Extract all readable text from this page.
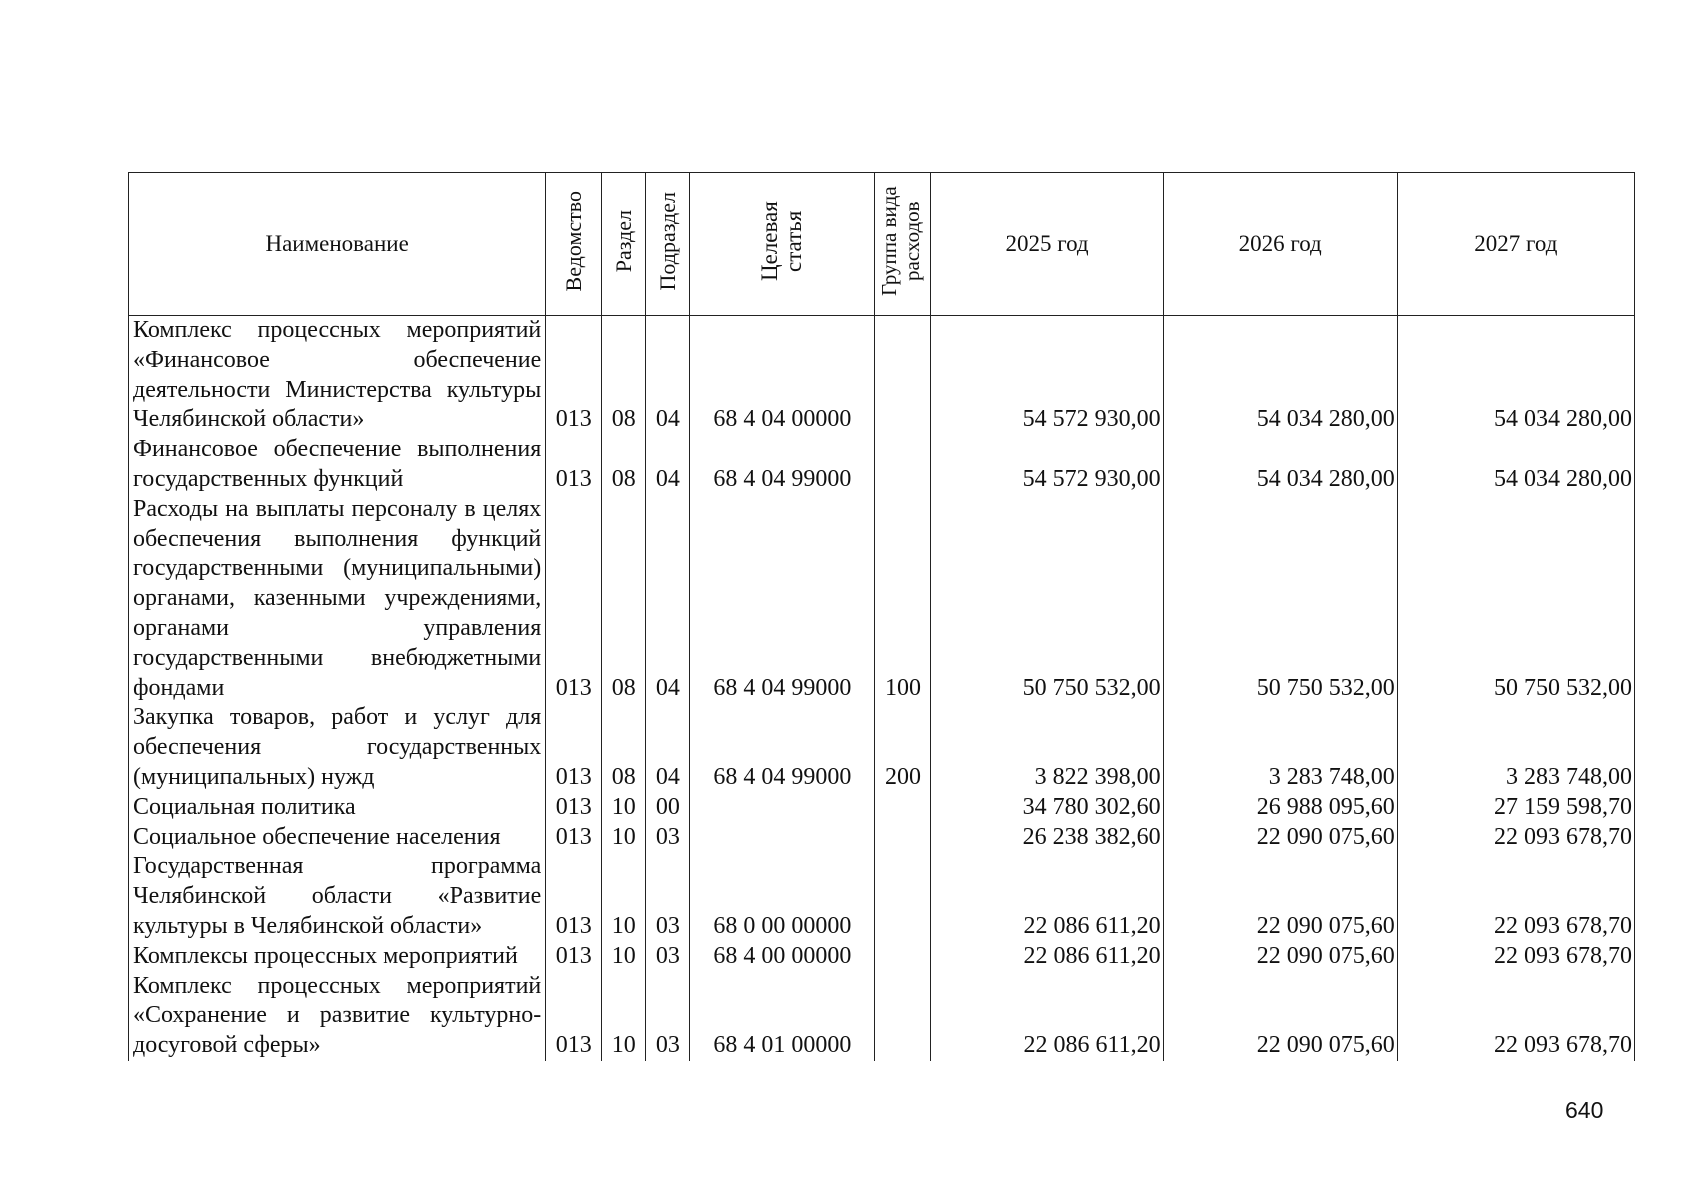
Наименование	Ведомство	Раздел	Подраздел	Целевая статья	Группа вида расходов	2025 год	2026 год	2027 год
Комплекс процессных мероприятий «Финансовое обеспечение деятельности Министерства культуры Челябинской области»	013	08	04	68 4 04 00000		54 572 930,00	54 034 280,00	54 034 280,00
Финансовое обеспечение выполнения государственных функций	013	08	04	68 4 04 99000		54 572 930,00	54 034 280,00	54 034 280,00
Расходы на выплаты персоналу в целях обеспечения выполнения функций государственными (муниципальными) органами, казенными учреждениями, органами управления государственными внебюджетными фондами	013	08	04	68 4 04 99000	100	50 750 532,00	50 750 532,00	50 750 532,00
Закупка товаров, работ и услуг для обеспечения государственных (муниципальных) нужд	013	08	04	68 4 04 99000	200	3 822 398,00	3 283 748,00	3 283 748,00
Социальная политика	013	10	00			34 780 302,60	26 988 095,60	27 159 598,70
Социальное обеспечение населения	013	10	03			26 238 382,60	22 090 075,60	22 093 678,70
Государственная программа Челябинской области «Развитие культуры в Челябинской области»	013	10	03	68 0 00 00000		22 086 611,20	22 090 075,60	22 093 678,70
Комплексы процессных мероприятий	013	10	03	68 4 00 00000		22 086 611,20	22 090 075,60	22 093 678,70
Комплекс процессных мероприятий «Сохранение и развитие культурно-досуговой сферы»	013	10	03	68 4 01 00000		22 086 611,20	22 090 075,60	22 093 678,70
640
